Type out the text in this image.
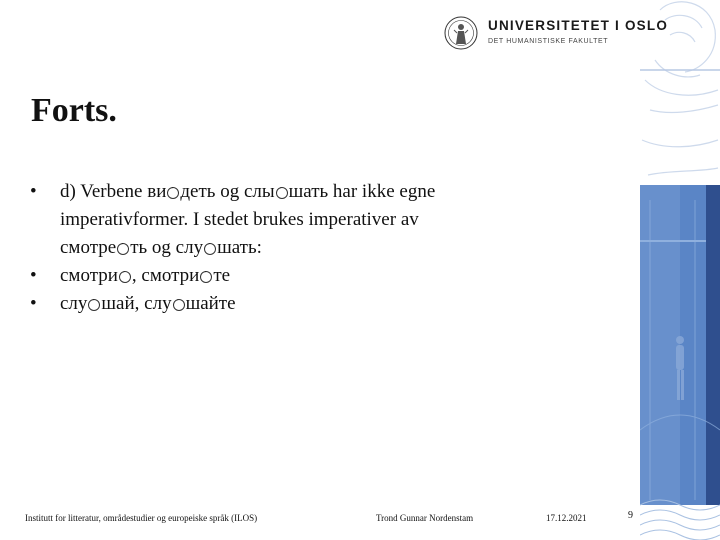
UNIVERSITETET I OSLO
DET HUMANISTISKE FAKULTET
Forts.
•	d) Verbene ви дeть og слы шать har ikke egne
imperativformer. I stedet brukes imperativer av
смотре ть og слу шать:
•	смотри , смотри те
•	слу шай, слу шайте
Institutt for litteratur, områdestudier og europeiske språk (ILOS)	Trond Gunnar Nordenstam	17.12.2021	9
